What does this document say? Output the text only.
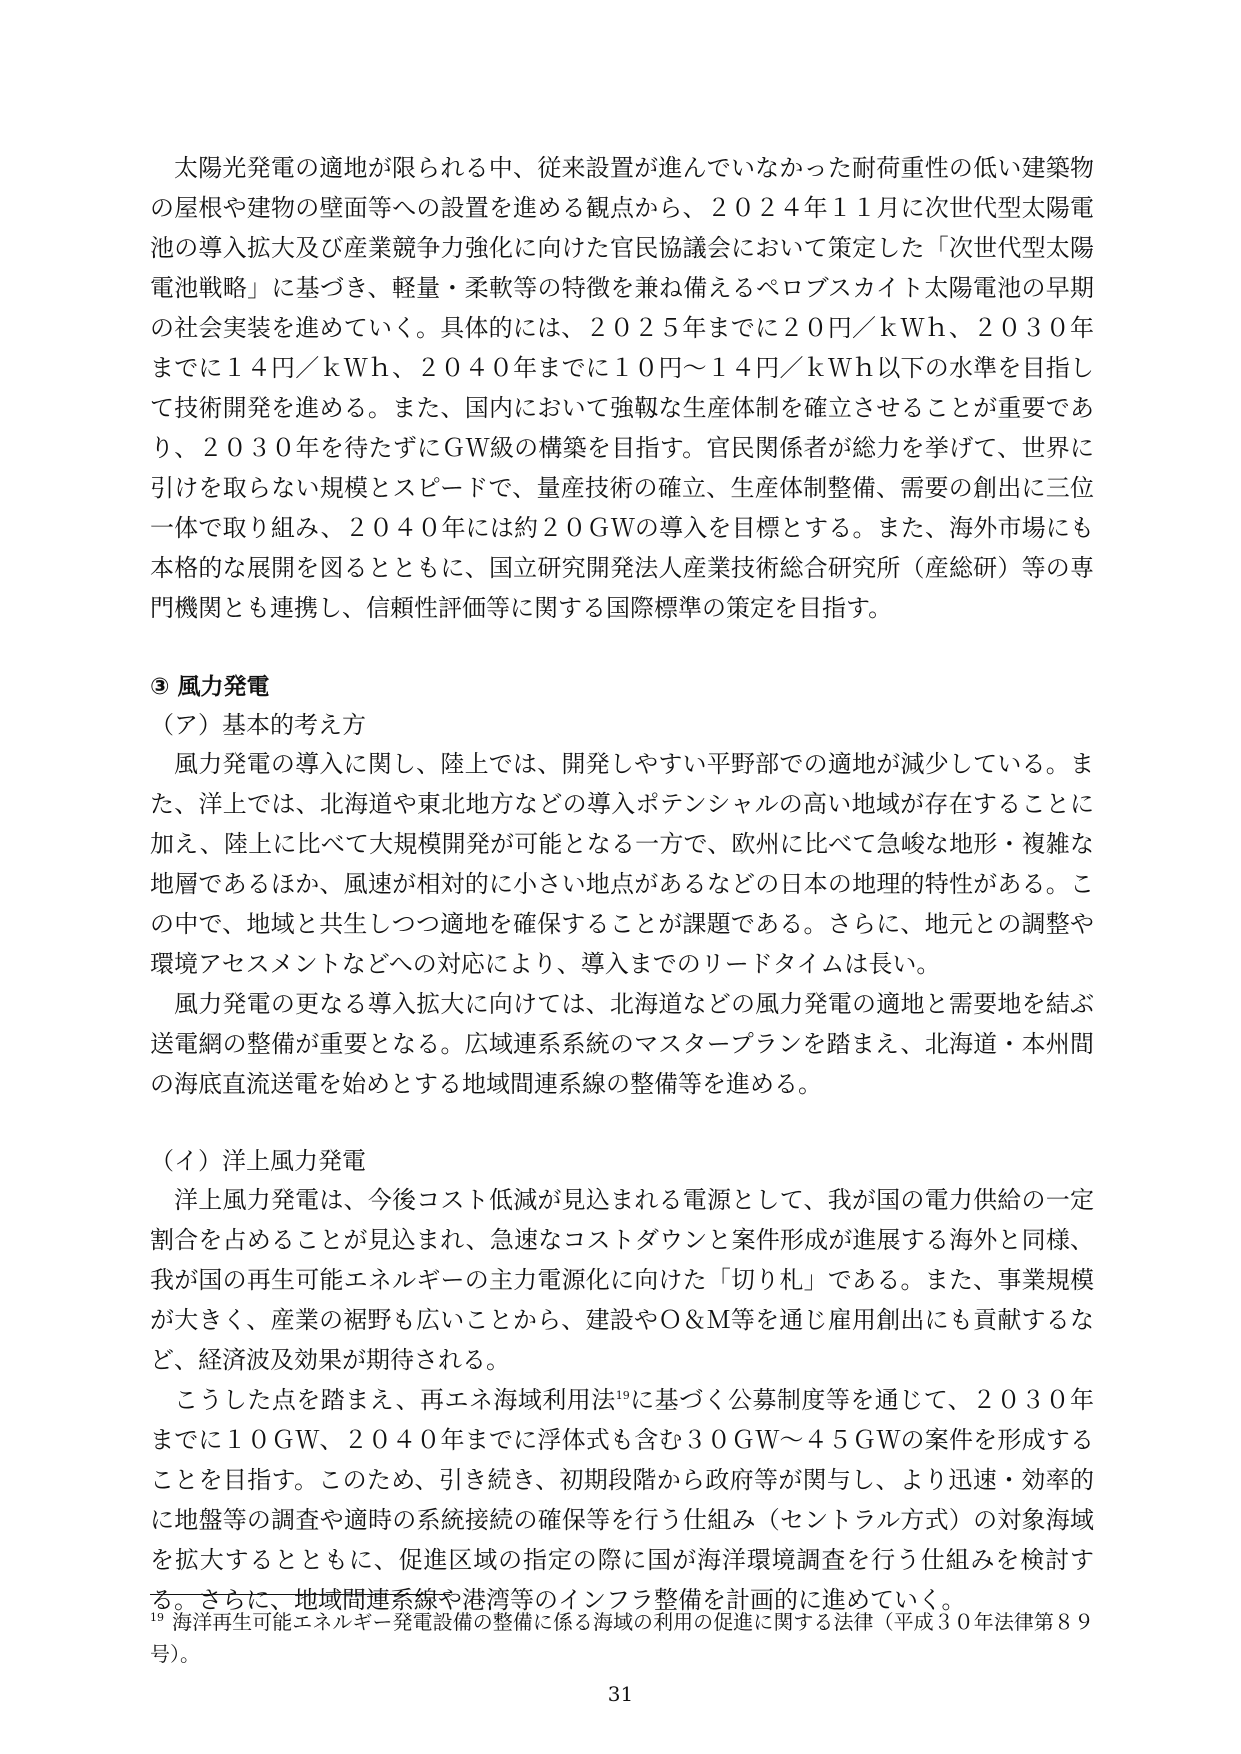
太陽光発電の適地が限られる中、従来設置が進んでいなかった耐荷重性の低い建築物の屋根や建物の壁面等への設置を進める観点から、２０２４年１１月に次世代型太陽電池の導入拡大及び産業競争力強化に向けた官民協議会において策定した「次世代型太陽電池戦略」に基づき、軽量・柔軟等の特徴を兼ね備えるペロブスカイト太陽電池の早期の社会実装を進めていく。具体的には、２０２５年までに２０円／ｋＷｈ、２０３０年までに１４円／ｋＷｈ、２０４０年までに１０円〜１４円／ｋＷｈ以下の水準を目指して技術開発を進める。また、国内において強靱な生産体制を確立させることが重要であり、２０３０年を待たずにＧＷ級の構築を目指す。官民関係者が総力を挙げて、世界に引けを取らない規模とスピードで、量産技術の確立、生産体制整備、需要の創出に三位一体で取り組み、２０４０年には約２０ＧＷの導入を目標とする。また、海外市場にも本格的な展開を図るとともに、国立研究開発法人産業技術総合研究所（産総研）等の専門機関とも連携し、信頼性評価等に関する国際標準の策定を目指す。

③ 風力発電

（ア）基本的考え方

風力発電の導入に関し、陸上では、開発しやすい平野部での適地が減少している。また、洋上では、北海道や東北地方などの導入ポテンシャルの高い地域が存在することに加え、陸上に比べて大規模開発が可能となる一方で、欧州に比べて急峻な地形・複雑な地層であるほか、風速が相対的に小さい地点があるなどの日本の地理的特性がある。この中で、地域と共生しつつ適地を確保することが課題である。さらに、地元との調整や環境アセスメントなどへの対応により、導入までのリードタイムは長い。

風力発電の更なる導入拡大に向けては、北海道などの風力発電の適地と需要地を結ぶ送電網の整備が重要となる。広域連系系統のマスタープランを踏まえ、北海道・本州間の海底直流送電を始めとする地域間連系線の整備等を進める。

（イ）洋上風力発電

洋上風力発電は、今後コスト低減が見込まれる電源として、我が国の電力供給の一定割合を占めることが見込まれ、急速なコストダウンと案件形成が進展する海外と同様、我が国の再生可能エネルギーの主力電源化に向けた「切り札」である。また、事業規模が大きく、産業の裾野も広いことから、建設やＯ＆Ｍ等を通じ雇用創出にも貢献するなど、経済波及効果が期待される。

こうした点を踏まえ、再エネ海域利用法$^{19}$に基づく公募制度等を通じて、２０３０年までに１０ＧＷ、２０４０年までに浮体式も含む３０ＧＷ〜４５ＧＷの案件を形成することを目指す。このため、引き続き、初期段階から政府等が関与し、より迅速・効率的に地盤等の調査や適時の系統接続の確保等を行う仕組み（セントラル方式）の対象海域を拡大するとともに、促進区域の指定の際に国が海洋環境調査を行う仕組みを検討する。さらに、地域間連系線や港湾等のインフラ整備を計画的に進めていく。

$^{19}$ 海洋再生可能エネルギー発電設備の整備に係る海域の利用の促進に関する法律（平成３０年法律第８９号）。
31
